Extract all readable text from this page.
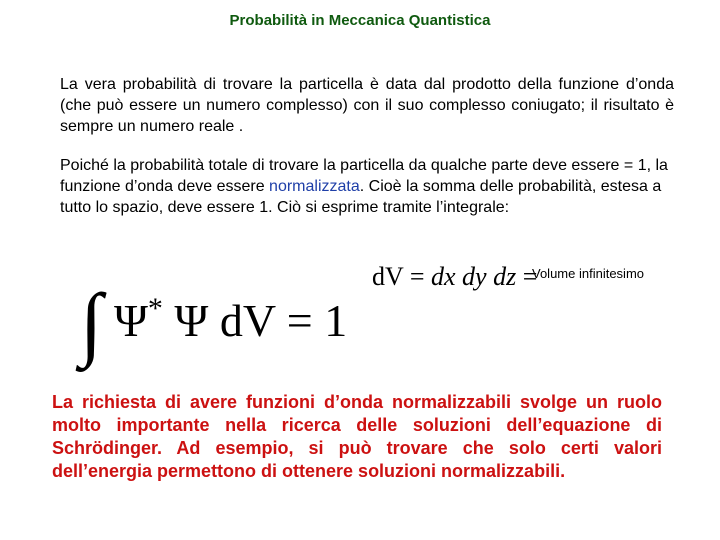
Probabilità in Meccanica Quantistica
La vera probabilità di trovare la particella è data dal prodotto della funzione d’onda (che può essere un numero complesso) con il suo complesso coniugato; il risultato è sempre un numero reale .
Poiché la probabilità totale di trovare la particella da qualche parte deve essere = 1, la funzione d’onda deve essere normalizzata. Cioè la somma delle probabilità, estesa a tutto lo spazio, deve essere 1. Ciò si esprime tramite l’integrale:
∫ Ψ* Ψ dV = 1
dV = dx dy dz =
Volume infinitesimo
La richiesta di avere funzioni d’onda normalizzabili svolge un ruolo molto importante nella ricerca delle soluzioni dell’equazione di Schrödinger. Ad esempio, si può trovare che solo certi valori dell’energia permettono di ottenere soluzioni normalizzabili.
